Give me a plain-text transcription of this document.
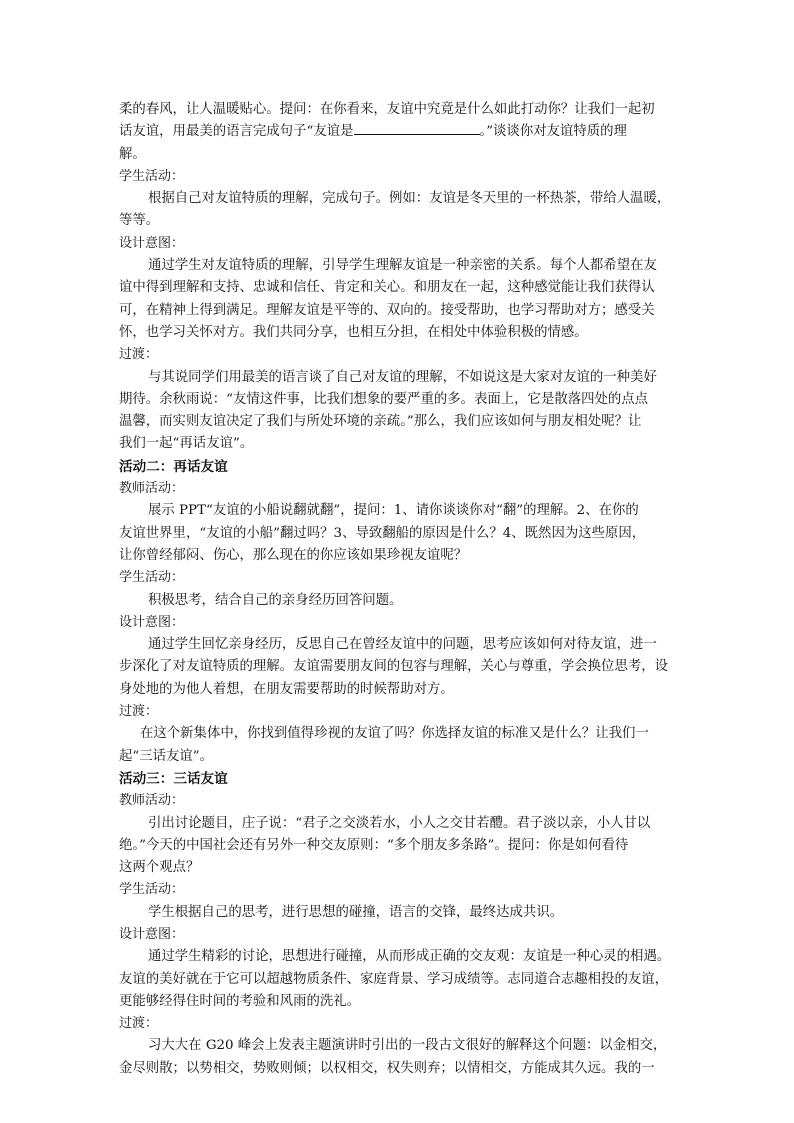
柔的春风，让人温暖贴心。提问：在你看来，友谊中究竟是什么如此打动你？让我们一起初
话友谊，用最美的语言完成句子“友谊是	。”谈谈你对友谊特质的理
解。
学生活动：
根据自己对友谊特质的理解，完成句子。例如：友谊是冬天里的一杯热茶，带给人温暖，
等等。
设计意图：
通过学生对友谊特质的理解，引导学生理解友谊是一种亲密的关系。每个人都希望在友
谊中得到理解和支持、忠诚和信任、肯定和关心。和朋友在一起，这种感觉能让我们获得认
可，在精神上得到满足。理解友谊是平等的、双向的。接受帮助，也学习帮助对方；感受关
怀，也学习关怀对方。我们共同分享，也相互分担，在相处中体验积极的情感。
过渡：
与其说同学们用最美的语言谈了自己对友谊的理解，不如说这是大家对友谊的一种美好
期待。余秋雨说：“友情这件事，比我们想象的要严重的多。表面上，它是散落四处的点点
温馨，而实则友谊决定了我们与所处环境的亲疏。”那么，我们应该如何与朋友相处呢？让
我们一起“再话友谊”。
活动二：再话友谊
教师活动：
展示 PPT“友谊的小船说翻就翻”，提问：1、请你谈谈你对“翻”的理解。2、在你的
友谊世界里，“友谊的小船”翻过吗？3、导致翻船的原因是什么？4、既然因为这些原因，
让你曾经郁闷、伤心，那么现在的你应该如果珍视友谊呢？
学生活动：
积极思考，结合自己的亲身经历回答问题。
设计意图：
通过学生回忆亲身经历，反思自己在曾经友谊中的问题，思考应该如何对待友谊，进一
步深化了对友谊特质的理解。友谊需要朋友间的包容与理解，关心与尊重，学会换位思考，设
身处地的为他人着想，在朋友需要帮助的时候帮助对方。
过渡：
在这个新集体中，你找到值得珍视的友谊了吗？你选择友谊的标准又是什么？让我们一
起“三话友谊”。
活动三：三话友谊
教师活动：
引出讨论题目，庄子说：“君子之交淡若水，小人之交甘若醴。君子淡以亲，小人甘以
绝。”今天的中国社会还有另外一种交友原则：“多个朋友多条路”。提问：你是如何看待
这两个观点？
学生活动：
学生根据自己的思考，进行思想的碰撞，语言的交锋，最终达成共识。
设计意图：
通过学生精彩的讨论，思想进行碰撞，从而形成正确的交友观：友谊是一种心灵的相遇。
友谊的美好就在于它可以超越物质条件、家庭背景、学习成绩等。志同道合志趣相投的友谊，
更能够经得住时间的考验和风雨的洗礼。
过渡：
习大大在 G20 峰会上发表主题演讲时引出的一段古文很好的解释这个问题：以金相交，
金尽则散；以势相交，势败则倾；以权相交，权失则弃；以情相交，方能成其久远。我的一
